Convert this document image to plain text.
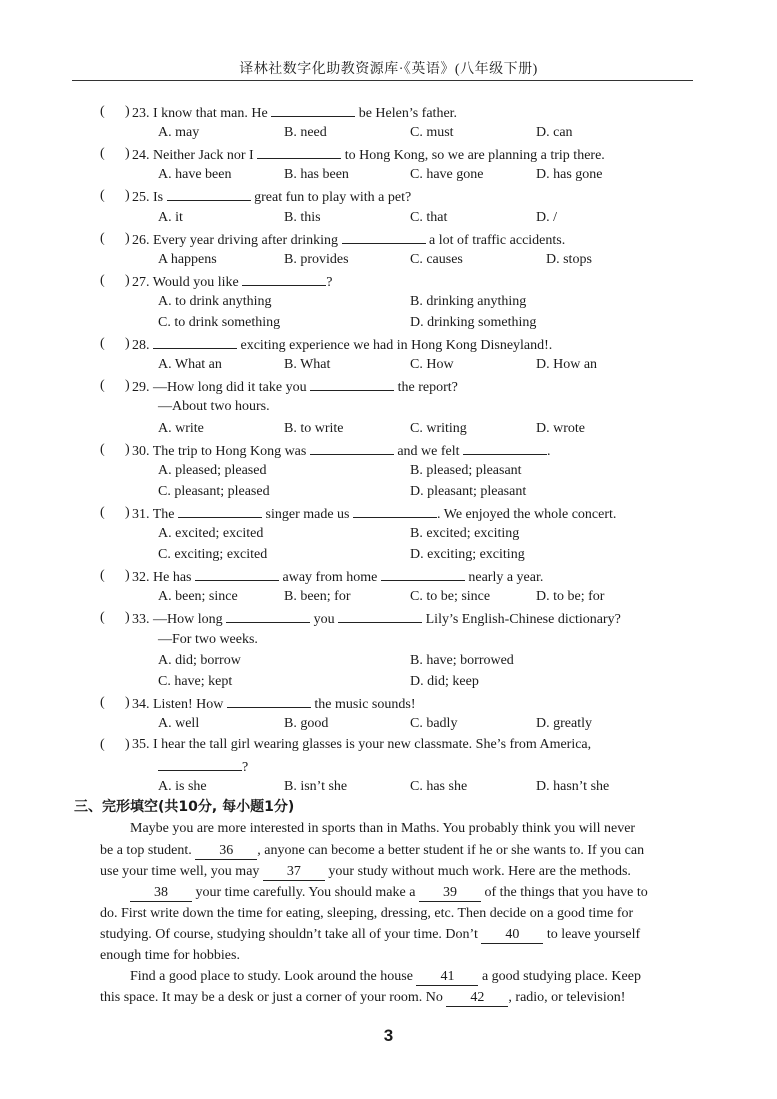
译林社数字化助教资源库·《英语》(八年级下册)
( ) 23. I know that man. He	be Helen’s father.
A. may	B. need	C. must	D. can
( ) 24. Neither Jack nor I	to Hong Kong, so we are planning a trip there.
A. have been	B. has been	C. have gone	D. has gone
( ) 25. Is	great fun to play with a pet?
A. it	B. this	C. that	D. /
( ) 26. Every year driving after drinking	a lot of traffic accidents.
A happens	B. provides	C. causes	D. stops
( ) 27. Would you like	?
A. to drink anything	B. drinking anything
C. to drink something	D. drinking something
( ) 28.	exciting experience we had in Hong Kong Disneyland!.
A. What an	B. What	C. How	D. How an
( ) 29. —How long did it take you	the report?
—About two hours.
A. write	B. to write	C. writing	D. wrote
( ) 30. The trip to Hong Kong was	and we felt	.
A. pleased; pleased	B. pleased; pleasant
C. pleasant; pleased	D. pleasant; pleasant
( ) 31. The	singer made us	. We enjoyed the whole concert.
A. excited; excited	B. excited; exciting
C. exciting; excited	D. exciting; exciting
( ) 32. He has	away from home	nearly a year.
A. been; since	B. been; for	C. to be; since	D. to be; for
( ) 33. —How long	you	Lily’s English-Chinese dictionary?
—For two weeks.
A. did; borrow	B. have; borrowed
C. have; kept	D. did; keep
( ) 34. Listen! How	the music sounds!
A. well	B. good	C. badly	D. greatly
( ) 35. I hear the tall girl wearing glasses is your new classmate. She’s from America,
?
A. is she	B. isn’t she	C. has she	D. hasn’t she
三、完形填空(共10分, 每小题1分)
Maybe you are more interested in sports than in Maths. You probably think you will never
be a top student. 36 , anyone can become a better student if he or she wants to. If you can
use your time well, you may 37 your study without much work. Here are the methods.
38 your time carefully. You should make a 39 of the things that you have to
do. First write down the time for eating, sleeping, dressing, etc. Then decide on a good time for
studying. Of course, studying shouldn’t take all of your time. Don’t 40 to leave yourself
enough time for hobbies.
Find a good place to study. Look around the house 41 a good studying place. Keep
this space. It may be a desk or just a corner of your room. No 42 , radio, or television!
3
